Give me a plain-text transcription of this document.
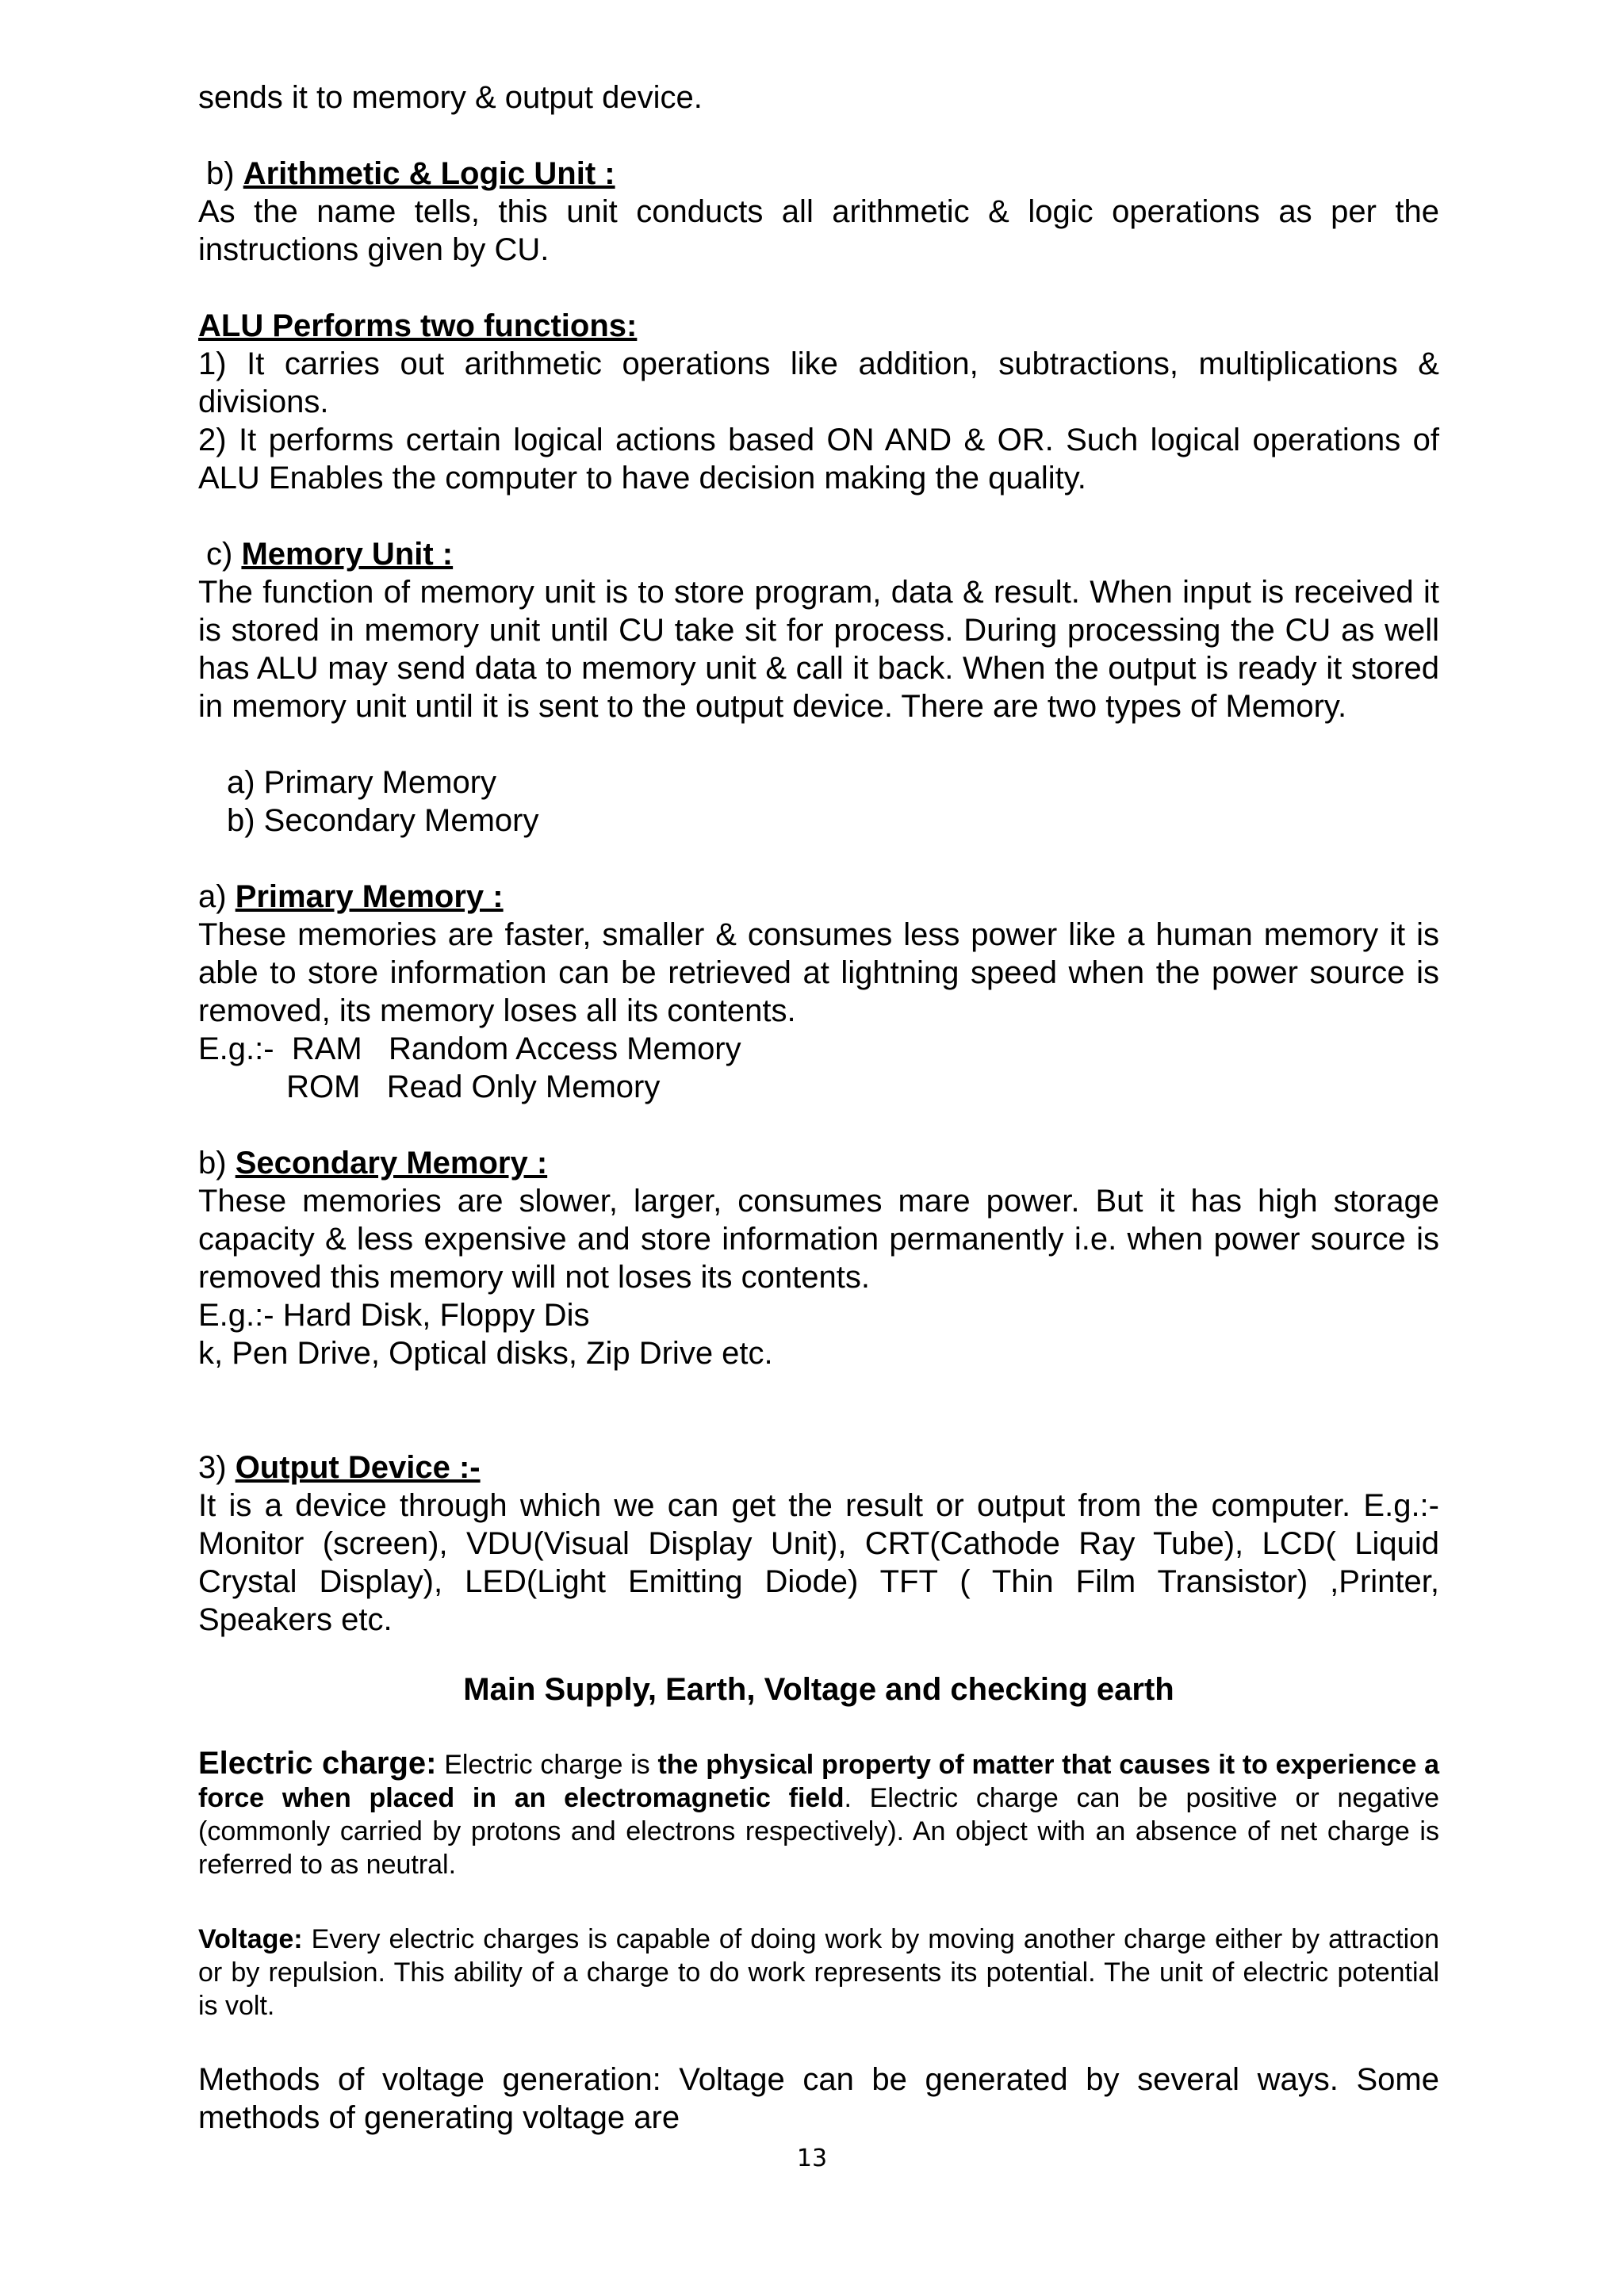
sends it to memory & output device.

b) Arithmetic & Logic Unit :

As the name tells, this unit conducts all arithmetic & logic operations as per the instructions given by CU.

ALU Performs two functions:

1) It carries out arithmetic operations like addition, subtractions, multiplications & divisions.

2) It performs certain logical actions based ON AND & OR. Such logical operations of ALU Enables the computer to have decision making the quality.

c) Memory Unit :

The function of memory unit is to store program, data & result. When input is received it is stored in memory unit until CU take sit for process. During processing the CU as well has ALU may send data to memory unit & call it back. When the output is ready it stored in memory unit until it is sent to the output device. There are two types of Memory.

a) Primary Memory

b) Secondary Memory

a) Primary Memory :

These memories are faster, smaller & consumes less power like a human memory it is able to store information can be retrieved at lightning speed when the power source is removed, its memory loses all its contents.

E.g.:-  RAM   Random Access Memory

ROM   Read Only Memory

b) Secondary Memory :

These memories are slower, larger, consumes mare power. But it has high storage capacity & less expensive and store information permanently i.e. when power source is removed this memory will not loses its contents.

E.g.:- Hard Disk, Floppy Dis

k, Pen Drive, Optical disks, Zip Drive etc.

3) Output Device :-

It is a device through which we can get the result or output from the computer. E.g.:- Monitor (screen), VDU(Visual Display Unit), CRT(Cathode Ray Tube), LCD( Liquid Crystal Display), LED(Light Emitting Diode) TFT ( Thin Film Transistor) ,Printer, Speakers etc.

Main Supply, Earth, Voltage and checking earth

Electric charge: Electric charge is the physical property of matter that causes it to experience a force when placed in an electromagnetic field. Electric charge can be positive or negative (commonly carried by protons and electrons respectively). An object with an absence of net charge is referred to as neutral.

Voltage: Every electric charges is capable of doing work by moving another charge either by attraction or by repulsion. This ability of a charge to do work represents its potential. The unit of electric potential is volt.

Methods of voltage generation: Voltage can be generated by several ways. Some methods of generating voltage are

13
